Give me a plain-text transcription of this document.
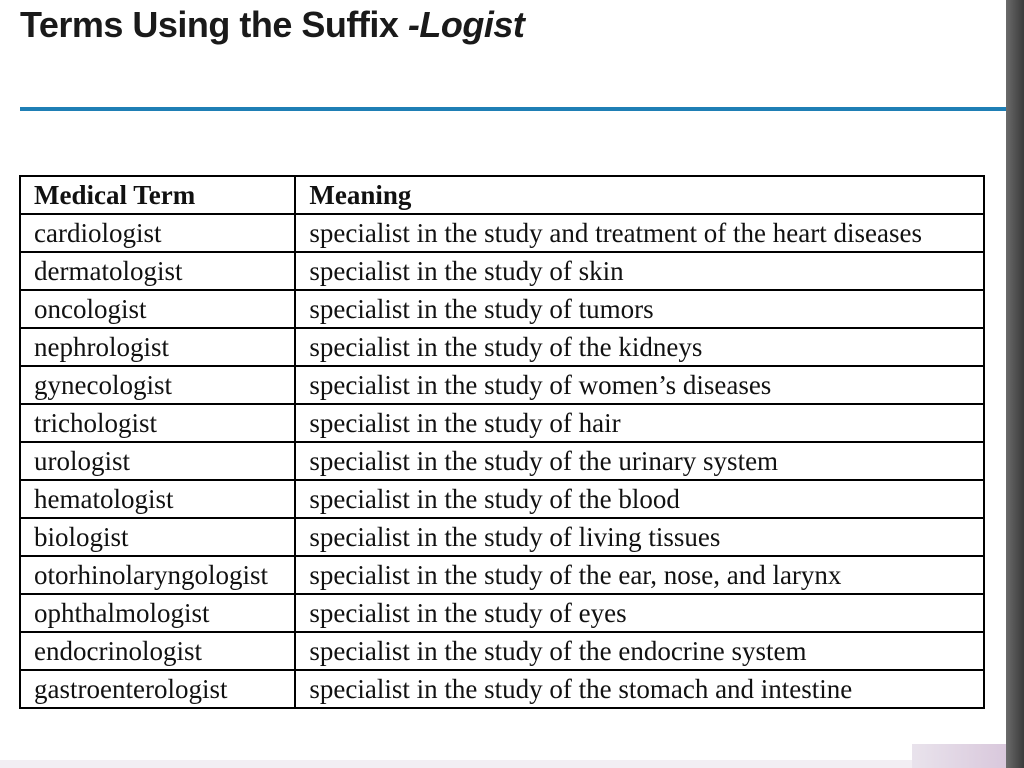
Terms Using the Suffix -Logist
Medical Term	Meaning
cardiologist	specialist in the study and treatment of the heart diseases
dermatologist	specialist in the study of skin
oncologist	specialist in the study of tumors
nephrologist	specialist in the study of the kidneys
gynecologist	specialist in the study of women’s diseases
trichologist	specialist in the study of hair
urologist	specialist in the study of the urinary system
hematologist	specialist in the study of the blood
biologist	specialist in the study of living tissues
otorhinolaryngologist	specialist in the study of the ear, nose, and larynx
ophthalmologist	specialist in the study of eyes
endocrinologist	specialist in the study of the endocrine system
gastroenterologist	specialist in the study of the stomach and intestine
